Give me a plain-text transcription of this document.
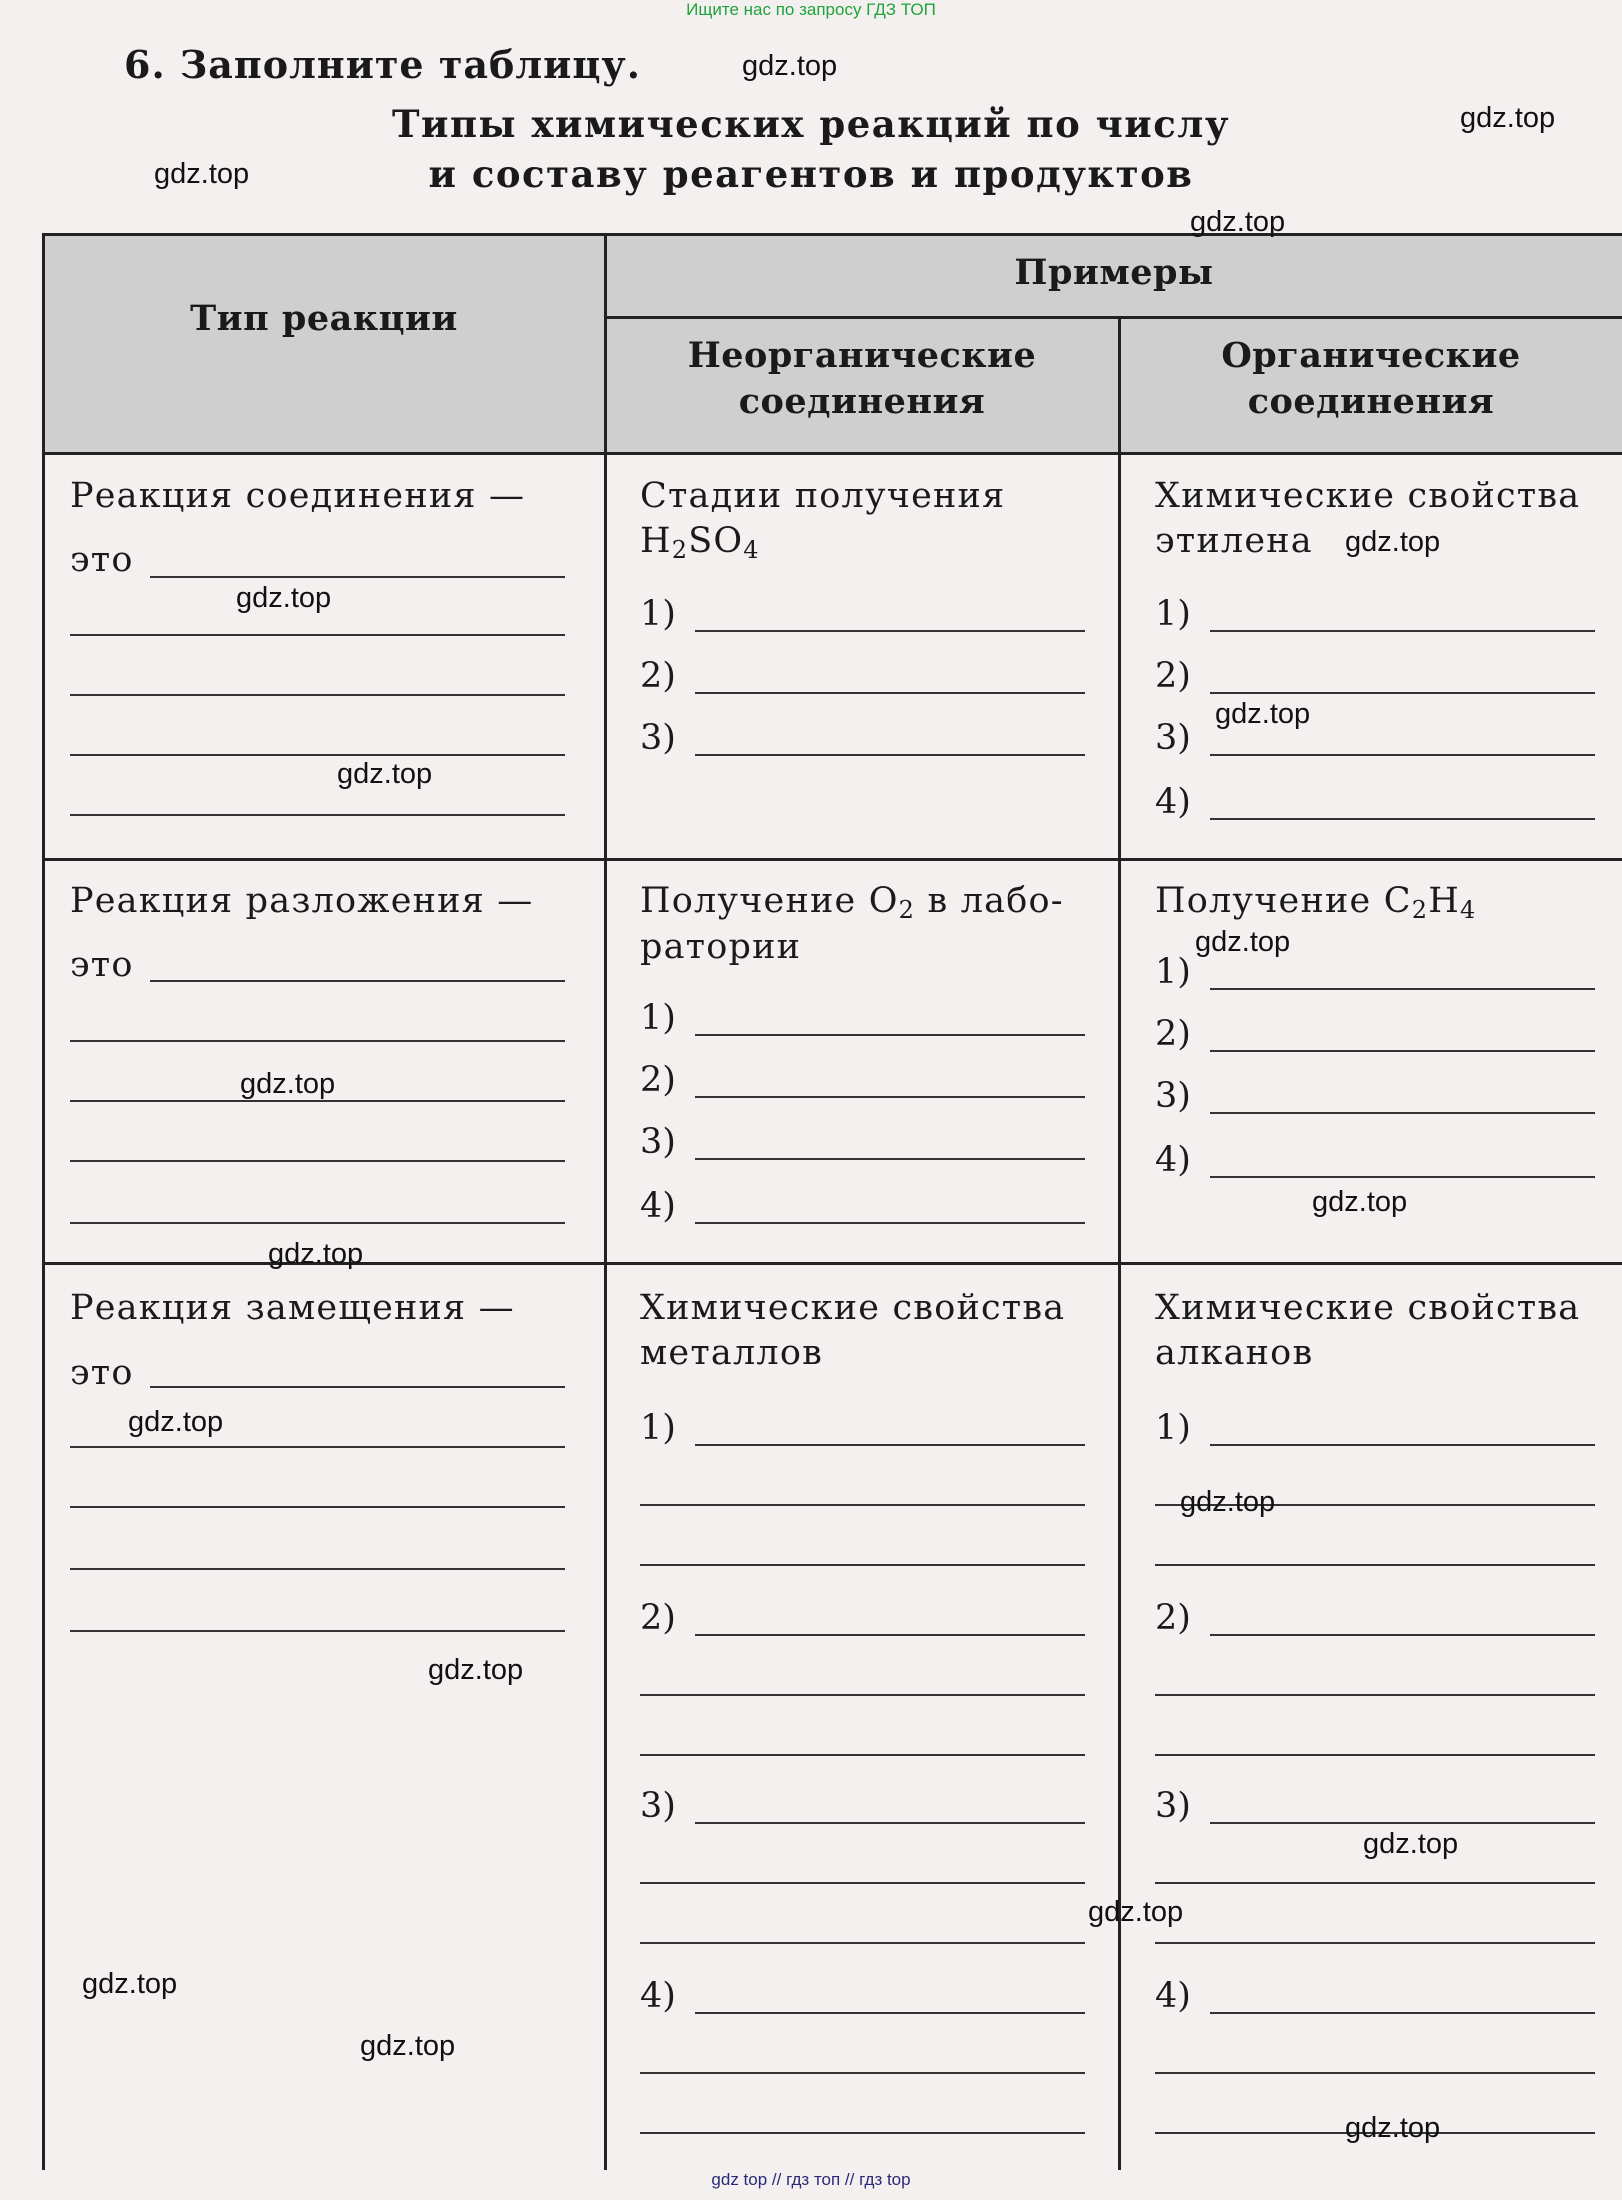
Ищите нас по запросу ГДЗ ТОП
6. Заполните таблицу.
Типы химических реакций по числу
и составу реагентов и продуктов
Тип реакции
Примеры
Неорганические
соединения
Органические
соединения
Реакция соединения —
это
Стадии получения
$H_2SO_4$
Химические свойства
этилена
Реакция разложения —
это
Получение $O_2$ в лабо-
ратории
Получение $C_2H_4$
Реакция замещения —
это
Химические свойства
металлов
Химические свойства
алканов
1)
2)
3)
1)
2)
3)
4)
1)
2)
3)
4)
1)
2)
3)
4)
1)
2)
3)
4)
1)
2)
3)
4)
gdz.top
gdz.top
gdz.top
gdz.top
gdz.top
gdz.top
gdz.top
gdz.top
gdz.top
gdz.top
gdz.top
gdz.top
gdz.top
gdz.top
gdz.top
gdz.top
gdz.top
gdz.top
gdz.top
gdz.top
gdz top // гдз топ // гдз top
